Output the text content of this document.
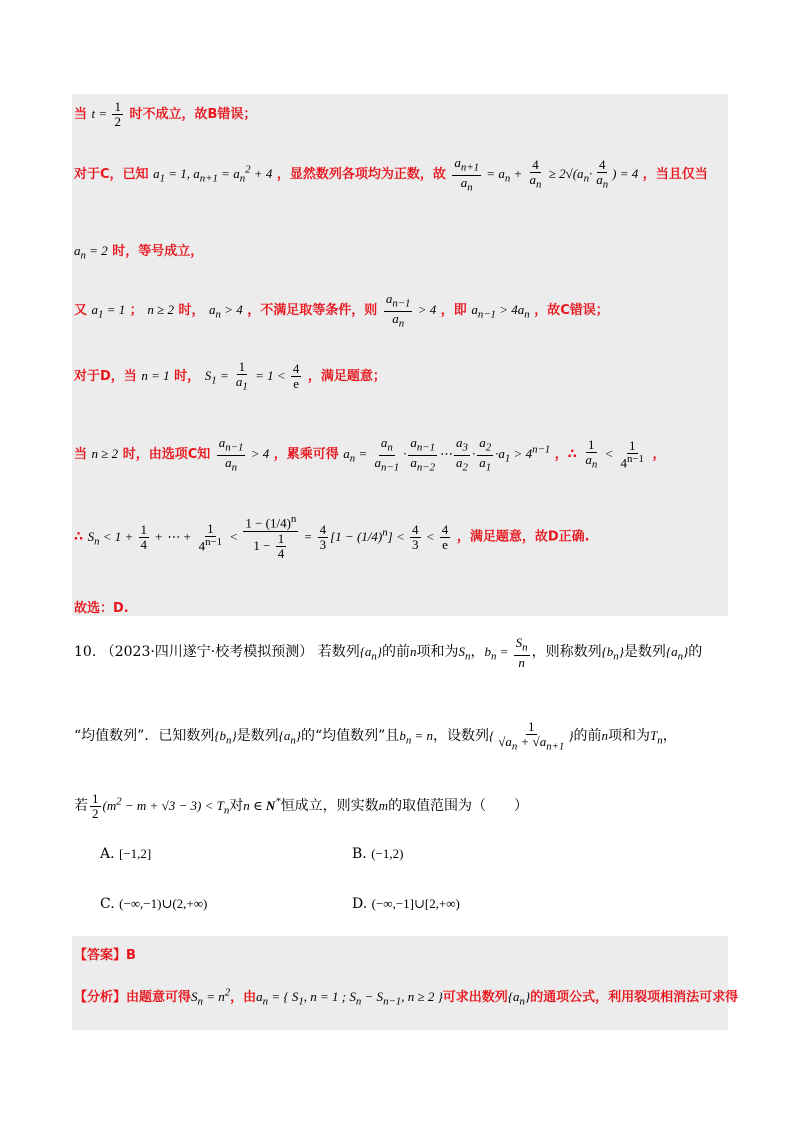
当 $t = \frac{1}{2}$ 时不成立，故B错误；
对于C，已知 $a_1 = 1$, $a_{n+1} = a_n^2 + 4$ ，显然数列各项均为正数，故 $\frac{a_{n+1}}{a_n} = a_n + \frac{4}{a_n} \ge 2√(a_n\cdot \frac{4}{a_n}$ ) = 4 ，当且仅当
$a_n = 2$ 时，等号成立，
又 $a_1 = 1$ ； n ≥ 2 时， $a_n > 4$ ，不满足取等条件，则 $\frac{a_{n-1}}{a_n} > 4$ ，即 $a_{n-1} > 4a_n$ ，故C错误；
对于D，当 n = 1 时， $S_1 = \frac{1}{a_1} = 1 < \frac{4}{e}$ ，满足题意；
当 n ≥ 2 时，由选项C知 $\frac{a_{n-1}}{a_n} > 4$ ，累乘可得 $a_n = \frac{a_n}{a_{n-1}} \cdot \frac{a_{n-1}}{a_{n-2}}$ ⋯ $\frac{a_3}{a_2} \cdot \frac{a_2}{a_1} \cdot a_1 > 4^{n-1}$ ，∴ $\frac{1}{a_n} < \frac{1}{4^{n-1}}$ ，
∴ $S_n < 1 + \frac{1}{4}$ + ⋯ + $\frac{1}{4^{n-1}} < \frac{1 - (1/4)^n}{1 - \frac{1}{4}} = \frac{4}{3} [1 - (1/4)^n] < \frac{4}{3} < \frac{4}{e}$ ，满足题意，故D正确.
故选：D.
10. （2023·四川遂宁·校考模拟预测） 若数列$\{a_n\}$的前n项和为$S_n$，$b_n = \frac{S_n}{n}$ ，则称数列$\{b_n\}$是数列$\{a_n\}$的
“均值数列”．已知数列$\{b_n\}$是数列$\{a_n\}$的“均值数列”且$b_n = n$，设数列{ $\frac{1}{√a_n + √a_{n+1}}$ }的前n项和为$T_n$，
若 $\frac{1}{2} (m^2 - m + √3 - 3) < T_n$对n ∈ N*恒成立，则实数m的取值范围为（　　）
A. [−1,2]	B. (−1,2)
C. (−∞,−1)∪(2,+∞)	D. (−∞,−1]∪[2,+∞)
【答案】B
【分析】由题意可得$S_n = n^2$，由$a_n$ = { $S_1$, n = 1 ; $S_n - S_{n-1}$, n ≥ 2 }可求出数列$\{a_n\}$的通项公式，利用裂项相消法可求得
